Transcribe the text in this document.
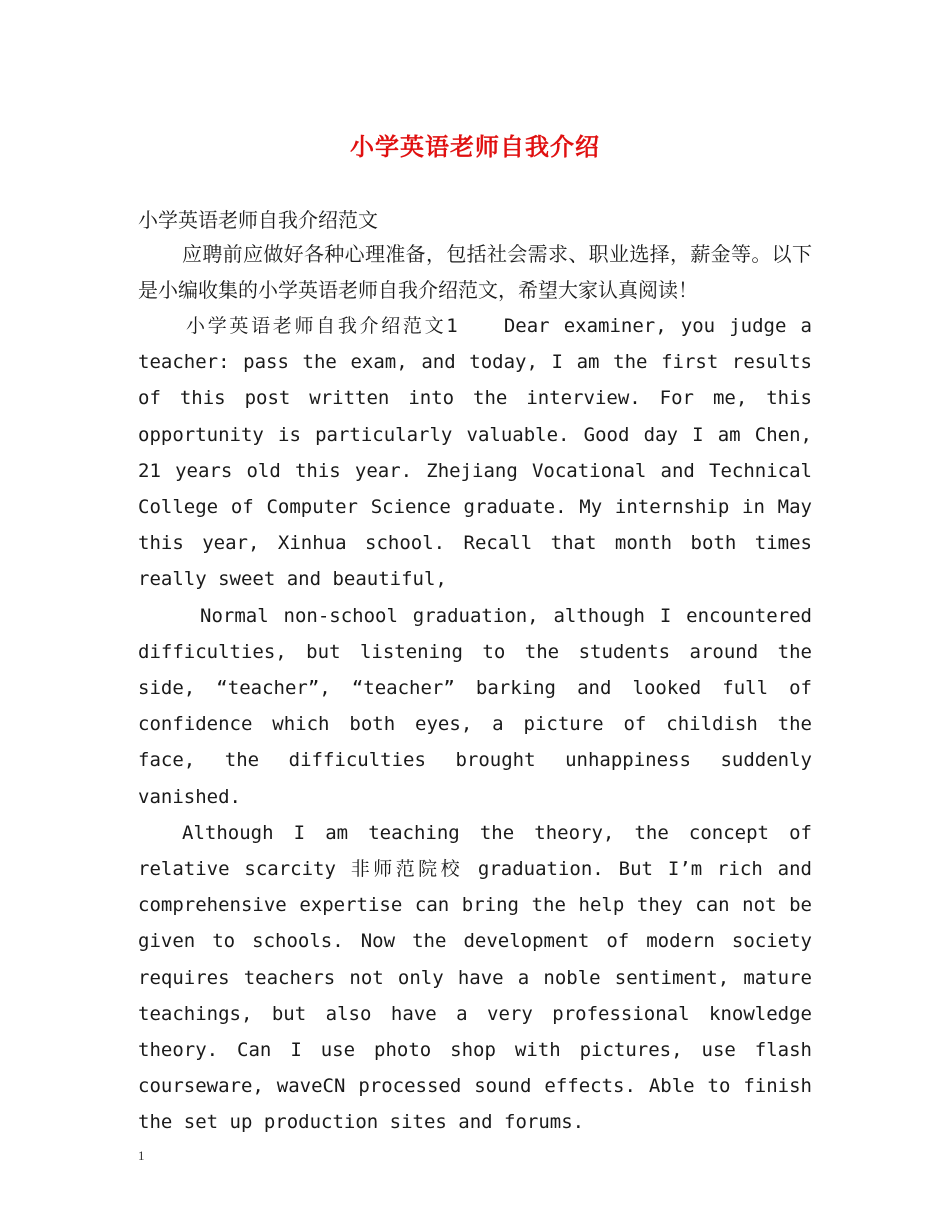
小学英语老师自我介绍

小学英语老师自我介绍范文

应聘前应做好各种心理准备，包括社会需求、职业选择，薪金等。以下是小编收集的小学英语老师自我介绍范文，希望大家认真阅读！

小学英语老师自我介绍范文1　　Dear examiner, you judge a teacher: pass the exam, and today, I am the first results of this post written into the interview. For me, this opportunity is particularly valuable. Good day I am Chen, 21 years old this year. Zhejiang Vocational and Technical College of Computer Science graduate. My internship in May this year, Xinhua school. Recall that month both times really sweet and beautiful,

Normal non-school graduation, although I encountered difficulties, but listening to the students around the side, “teacher”, “teacher” barking and looked full of confidence which both eyes, a picture of childish the face, the difficulties brought unhappiness suddenly vanished.

Although I am teaching the theory, the concept of relative scarcity 非师范院校 graduation. But I’m rich and comprehensive expertise can bring the help they can not be given to schools. Now the development of modern society requires teachers not only have a noble sentiment, mature teachings, but also have a very professional knowledge theory. Can I use photo shop with pictures, use flash courseware, waveCN processed sound effects. Able to finish the set up production sites and forums.

1
